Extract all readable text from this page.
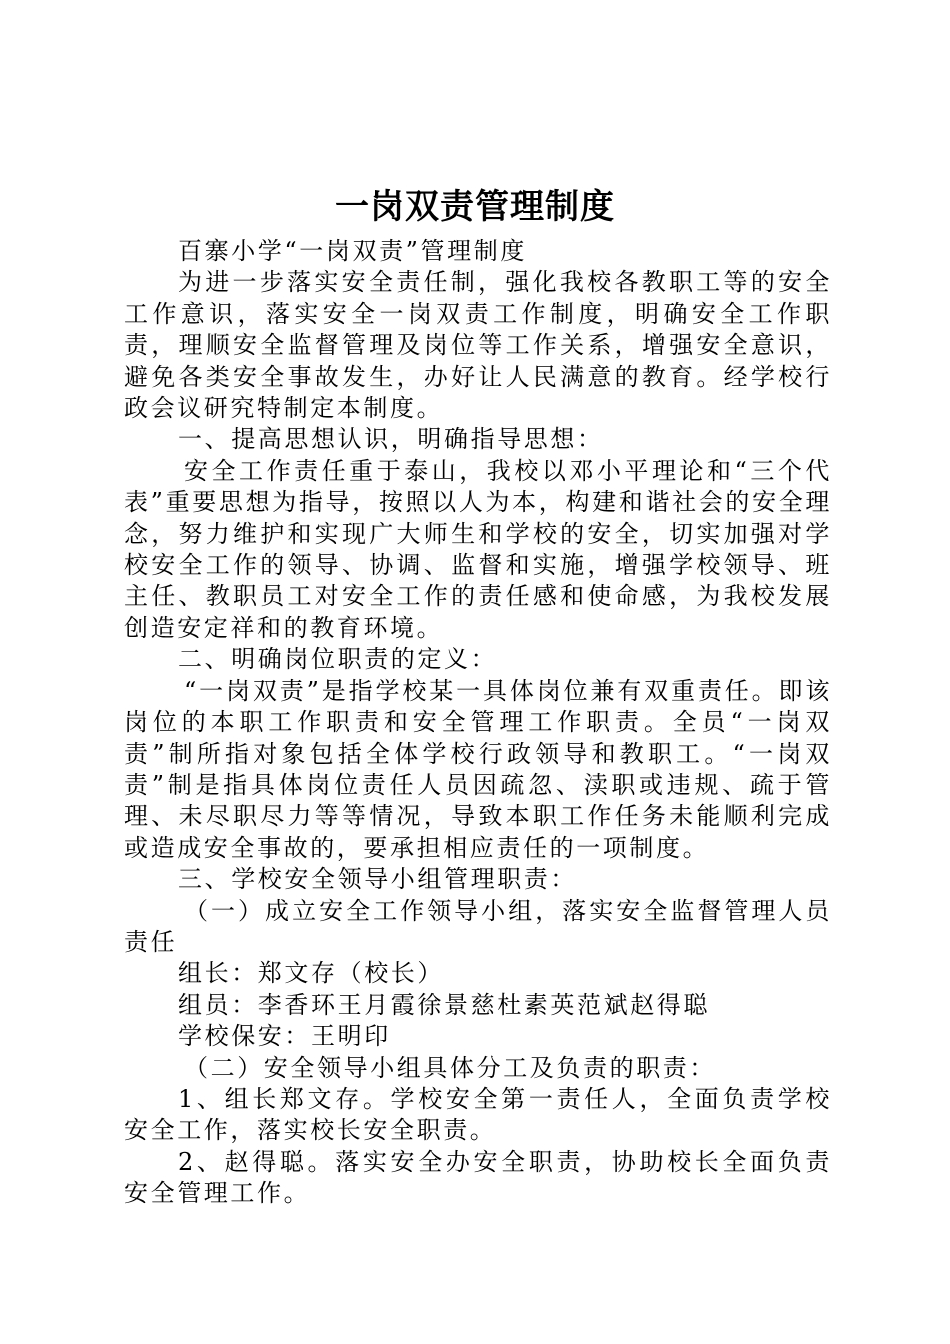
一岗双责管理制度

百寨小学“一岗双责”管理制度

为进一步落实安全责任制，强化我校各教职工等的安全工作意识，落实安全一岗双责工作制度，明确安全工作职责，理顺安全监督管理及岗位等工作关系，增强安全意识，避免各类安全事故发生，办好让人民满意的教育。经学校行政会议研究特制定本制度。

一、提高思想认识，明确指导思想：

安全工作责任重于泰山，我校以邓小平理论和“三个代表”重要思想为指导，按照以人为本，构建和谐社会的安全理念，努力维护和实现广大师生和学校的安全，切实加强对学校安全工作的领导、协调、监督和实施，增强学校领导、班主任、教职员工对安全工作的责任感和使命感，为我校发展创造安定祥和的教育环境。

二、明确岗位职责的定义：

“一岗双责”是指学校某一具体岗位兼有双重责任。即该岗位的本职工作职责和安全管理工作职责。全员“一岗双责”制所指对象包括全体学校行政领导和教职工。“一岗双责”制是指具体岗位责任人员因疏忽、渎职或违规、疏于管理、未尽职尽力等等情况，导致本职工作任务未能顺利完成或造成安全事故的，要承担相应责任的一项制度。

三、学校安全领导小组管理职责：

（一）成立安全工作领导小组，落实安全监督管理人员责任

组长：郑文存（校长）

组员：李香环王月霞徐景慈杜素英范斌赵得聪

学校保安：王明印

（二）安全领导小组具体分工及负责的职责：

1、组长郑文存。学校安全第一责任人，全面负责学校安全工作，落实校长安全职责。

2、赵得聪。落实安全办安全职责，协助校长全面负责安全管理工作。
